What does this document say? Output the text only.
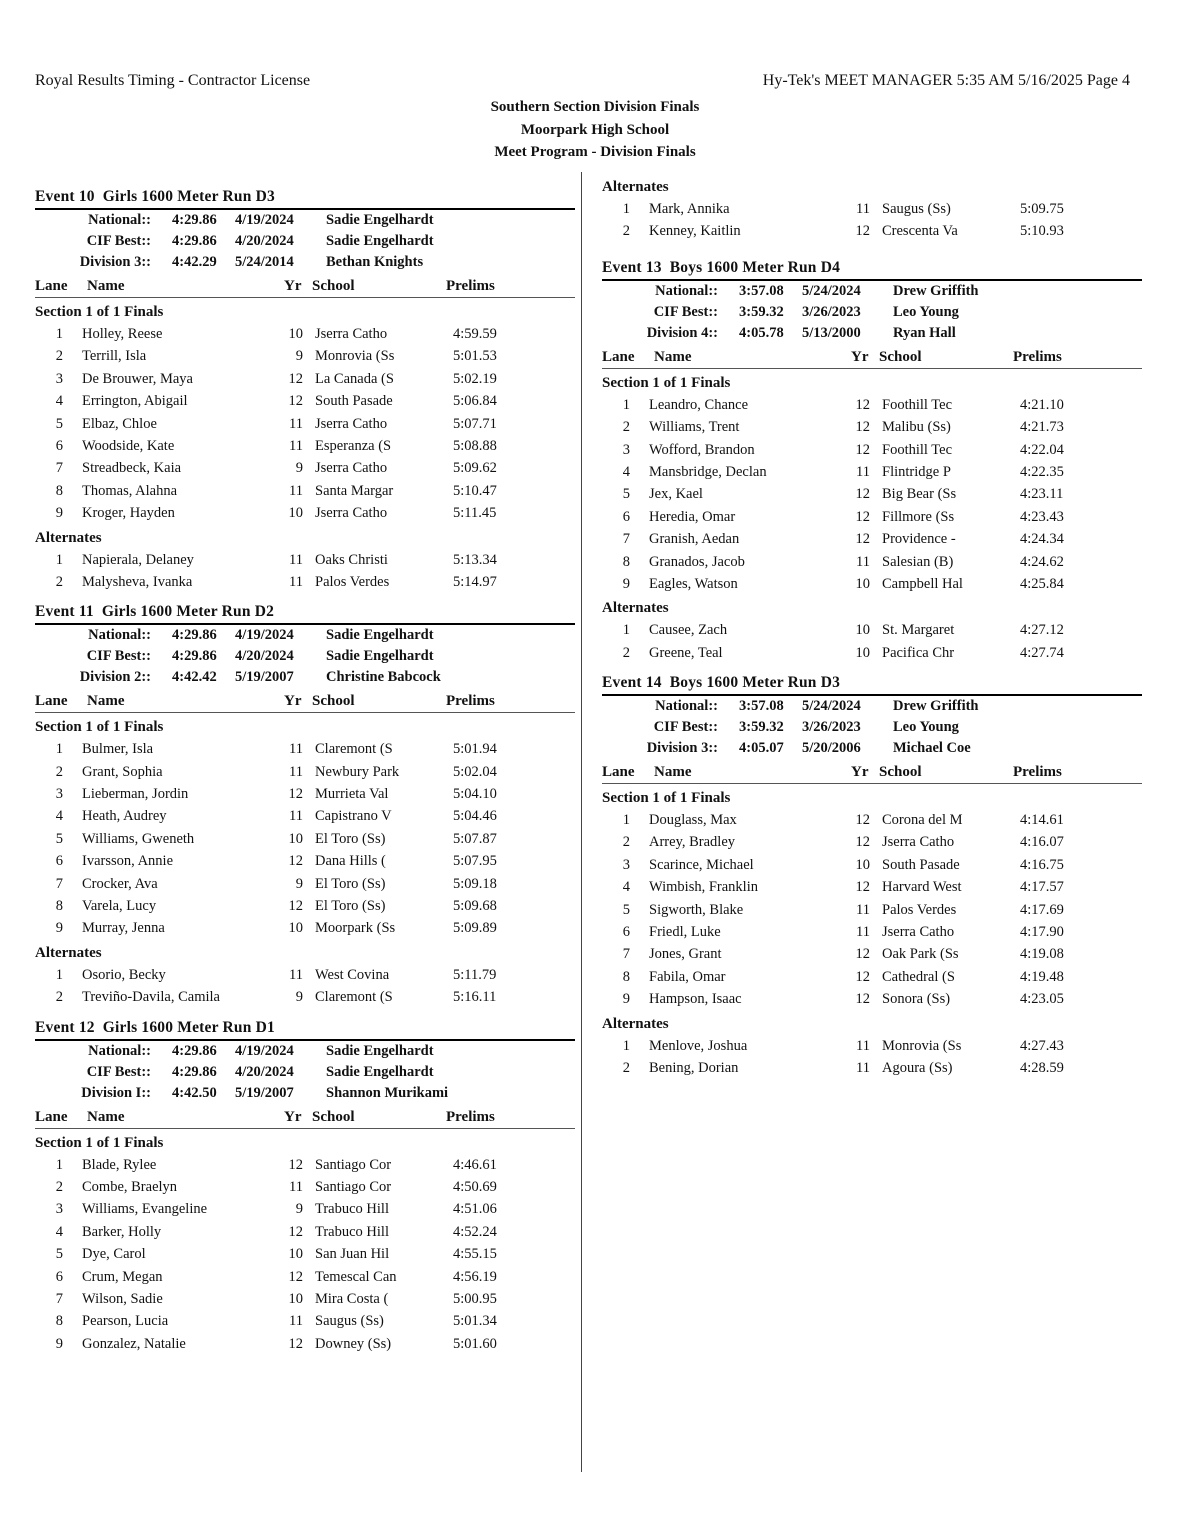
Royal Results Timing - Contractor License	Hy-Tek's MEET MANAGER 5:35 AM 5/16/2025 Page 4
Southern Section Division Finals
Moorpark High School
Meet Program - Division Finals
Event 10 Girls 1600 Meter Run D3
National:: 4:29.86 4/19/2024 Sadie Engelhardt
CIF Best:: 4:29.86 4/20/2024 Sadie Engelhardt
Division 3:: 4:42.29 5/24/2014 Bethan Knights
Lane Name	Yr School	Prelims
Section 1 of 1 Finals
1 Holley, Reese	10 Jserra Catho	4:59.59
2 Terrill, Isla	9 Monrovia (Ss	5:01.53
3 De Brouwer, Maya	12 La Canada (S	5:02.19
4 Errington, Abigail	12 South Pasade	5:06.84
5 Elbaz, Chloe	11 Jserra Catho	5:07.71
6 Woodside, Kate	11 Esperanza (S	5:08.88
7 Streadbeck, Kaia	9 Jserra Catho	5:09.62
8 Thomas, Alahna	11 Santa Margar	5:10.47
9 Kroger, Hayden	10 Jserra Catho	5:11.45
Alternates
1 Napierala, Delaney	11 Oaks Christi	5:13.34
2 Malysheva, Ivanka	11 Palos Verdes	5:14.97
Event 11 Girls 1600 Meter Run D2
National:: 4:29.86 4/19/2024 Sadie Engelhardt
CIF Best:: 4:29.86 4/20/2024 Sadie Engelhardt
Division 2:: 4:42.42 5/19/2007 Christine Babcock
Lane Name	Yr School	Prelims
Section 1 of 1 Finals
1 Bulmer, Isla	11 Claremont (S	5:01.94
2 Grant, Sophia	11 Newbury Park	5:02.04
3 Lieberman, Jordin	12 Murrieta Val	5:04.10
4 Heath, Audrey	11 Capistrano V	5:04.46
5 Williams, Gweneth	10 El Toro (Ss)	5:07.87
6 Ivarsson, Annie	12 Dana Hills (	5:07.95
7 Crocker, Ava	9 El Toro (Ss)	5:09.18
8 Varela, Lucy	12 El Toro (Ss)	5:09.68
9 Murray, Jenna	10 Moorpark (Ss	5:09.89
Alternates
1 Osorio, Becky	11 West Covina	5:11.79
2 Treviño-Davila, Camila	9 Claremont (S	5:16.11
Event 12 Girls 1600 Meter Run D1
National:: 4:29.86 4/19/2024 Sadie Engelhardt
CIF Best:: 4:29.86 4/20/2024 Sadie Engelhardt
Division I:: 4:42.50 5/19/2007 Shannon Murikami
Lane Name	Yr School	Prelims
Section 1 of 1 Finals
1 Blade, Rylee	12 Santiago Cor	4:46.61
2 Combe, Braelyn	11 Santiago Cor	4:50.69
3 Williams, Evangeline	9 Trabuco Hill	4:51.06
4 Barker, Holly	12 Trabuco Hill	4:52.24
5 Dye, Carol	10 San Juan Hil	4:55.15
6 Crum, Megan	12 Temescal Can	4:56.19
7 Wilson, Sadie	10 Mira Costa (	5:00.95
8 Pearson, Lucia	11 Saugus (Ss)	5:01.34
9 Gonzalez, Natalie	12 Downey (Ss)	5:01.60
Alternates
1 Mark, Annika	11 Saugus (Ss)	5:09.75
2 Kenney, Kaitlin	12 Crescenta Va	5:10.93
Event 13 Boys 1600 Meter Run D4
National:: 3:57.08 5/24/2024 Drew Griffith
CIF Best:: 3:59.32 3/26/2023 Leo Young
Division 4:: 4:05.78 5/13/2000 Ryan Hall
Lane Name	Yr School	Prelims
Section 1 of 1 Finals
1 Leandro, Chance	12 Foothill Tec	4:21.10
2 Williams, Trent	12 Malibu (Ss)	4:21.73
3 Wofford, Brandon	12 Foothill Tec	4:22.04
4 Mansbridge, Declan	11 Flintridge P	4:22.35
5 Jex, Kael	12 Big Bear (Ss	4:23.11
6 Heredia, Omar	12 Fillmore (Ss	4:23.43
7 Granish, Aedan	12 Providence -	4:24.34
8 Granados, Jacob	11 Salesian (B)	4:24.62
9 Eagles, Watson	10 Campbell Hal	4:25.84
Alternates
1 Causee, Zach	10 St. Margaret	4:27.12
2 Greene, Teal	10 Pacifica Chr	4:27.74
Event 14 Boys 1600 Meter Run D3
National:: 3:57.08 5/24/2024 Drew Griffith
CIF Best:: 3:59.32 3/26/2023 Leo Young
Division 3:: 4:05.07 5/20/2006 Michael Coe
Lane Name	Yr School	Prelims
Section 1 of 1 Finals
1 Douglass, Max	12 Corona del M	4:14.61
2 Arrey, Bradley	12 Jserra Catho	4:16.07
3 Scarince, Michael	10 South Pasade	4:16.75
4 Wimbish, Franklin	12 Harvard West	4:17.57
5 Sigworth, Blake	11 Palos Verdes	4:17.69
6 Friedl, Luke	11 Jserra Catho	4:17.90
7 Jones, Grant	12 Oak Park (Ss	4:19.08
8 Fabila, Omar	12 Cathedral (S	4:19.48
9 Hampson, Isaac	12 Sonora (Ss)	4:23.05
Alternates
1 Menlove, Joshua	11 Monrovia (Ss	4:27.43
2 Bening, Dorian	11 Agoura (Ss)	4:28.59
